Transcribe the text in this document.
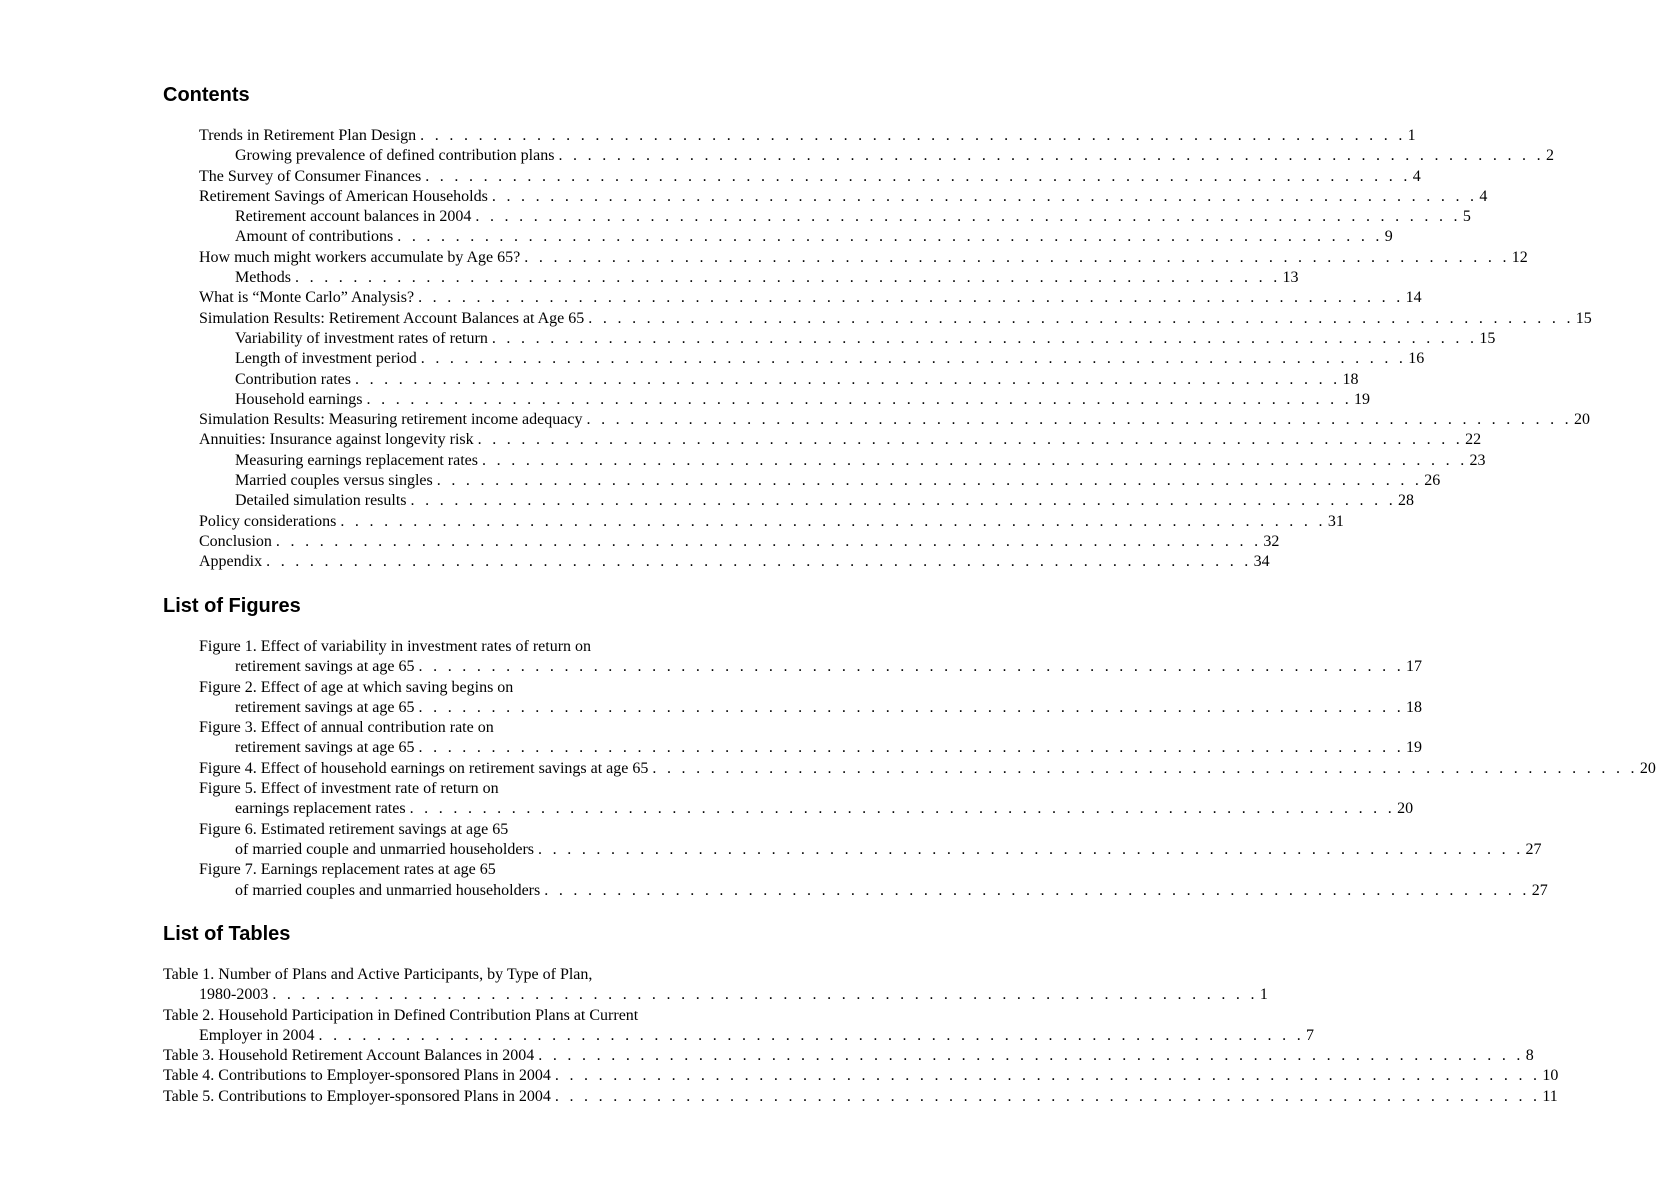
Contents
Trends in Retirement Plan Design . . . . . . . . . . . . . . . . . . . . . . . . . . . . . . . . . . . . . . . . . . . . . . . . . . . . . . . . . . . . . . . . . . . . 1
Growing prevalence of defined contribution plans . . . . . . . . . . . . . . . . . . . . . . . . . . . . . . . . . . . . . . . . . . . . . . . . . . . . . . . . . . . . . . . . . . . . 2
The Survey of Consumer Finances . . . . . . . . . . . . . . . . . . . . . . . . . . . . . . . . . . . . . . . . . . . . . . . . . . . . . . . . . . . . . . . . . . . . 4
Retirement Savings of American Households . . . . . . . . . . . . . . . . . . . . . . . . . . . . . . . . . . . . . . . . . . . . . . . . . . . . . . . . . . . . . . . . . . . . 4
Retirement account balances in 2004 . . . . . . . . . . . . . . . . . . . . . . . . . . . . . . . . . . . . . . . . . . . . . . . . . . . . . . . . . . . . . . . . . . . . 5
Amount of contributions . . . . . . . . . . . . . . . . . . . . . . . . . . . . . . . . . . . . . . . . . . . . . . . . . . . . . . . . . . . . . . . . . . . . 9
How much might workers accumulate by Age 65? . . . . . . . . . . . . . . . . . . . . . . . . . . . . . . . . . . . . . . . . . . . . . . . . . . . . . . . . . . . . . . . . . . . . 12
Methods . . . . . . . . . . . . . . . . . . . . . . . . . . . . . . . . . . . . . . . . . . . . . . . . . . . . . . . . . . . . . . . . . . . . 13
What is “Monte Carlo” Analysis? . . . . . . . . . . . . . . . . . . . . . . . . . . . . . . . . . . . . . . . . . . . . . . . . . . . . . . . . . . . . . . . . . . . . 14
Simulation Results: Retirement Account Balances at Age 65 . . . . . . . . . . . . . . . . . . . . . . . . . . . . . . . . . . . . . . . . . . . . . . . . . . . . . . . . . . . . . . . . . . . . 15
Variability of investment rates of return . . . . . . . . . . . . . . . . . . . . . . . . . . . . . . . . . . . . . . . . . . . . . . . . . . . . . . . . . . . . . . . . . . . . 15
Length of investment period . . . . . . . . . . . . . . . . . . . . . . . . . . . . . . . . . . . . . . . . . . . . . . . . . . . . . . . . . . . . . . . . . . . . 16
Contribution rates . . . . . . . . . . . . . . . . . . . . . . . . . . . . . . . . . . . . . . . . . . . . . . . . . . . . . . . . . . . . . . . . . . . . 18
Household earnings . . . . . . . . . . . . . . . . . . . . . . . . . . . . . . . . . . . . . . . . . . . . . . . . . . . . . . . . . . . . . . . . . . . . 19
Simulation Results: Measuring retirement income adequacy . . . . . . . . . . . . . . . . . . . . . . . . . . . . . . . . . . . . . . . . . . . . . . . . . . . . . . . . . . . . . . . . . . . . 20
Annuities: Insurance against longevity risk . . . . . . . . . . . . . . . . . . . . . . . . . . . . . . . . . . . . . . . . . . . . . . . . . . . . . . . . . . . . . . . . . . . . 22
Measuring earnings replacement rates . . . . . . . . . . . . . . . . . . . . . . . . . . . . . . . . . . . . . . . . . . . . . . . . . . . . . . . . . . . . . . . . . . . . 23
Married couples versus singles . . . . . . . . . . . . . . . . . . . . . . . . . . . . . . . . . . . . . . . . . . . . . . . . . . . . . . . . . . . . . . . . . . . . 26
Detailed simulation results . . . . . . . . . . . . . . . . . . . . . . . . . . . . . . . . . . . . . . . . . . . . . . . . . . . . . . . . . . . . . . . . . . . . 28
Policy considerations . . . . . . . . . . . . . . . . . . . . . . . . . . . . . . . . . . . . . . . . . . . . . . . . . . . . . . . . . . . . . . . . . . . . 31
Conclusion . . . . . . . . . . . . . . . . . . . . . . . . . . . . . . . . . . . . . . . . . . . . . . . . . . . . . . . . . . . . . . . . . . . . 32
Appendix . . . . . . . . . . . . . . . . . . . . . . . . . . . . . . . . . . . . . . . . . . . . . . . . . . . . . . . . . . . . . . . . . . . . 34
List of Figures
Figure 1. Effect of variability in investment rates of return on
retirement savings at age 65 . . . . . . . . . . . . . . . . . . . . . . . . . . . . . . . . . . . . . . . . . . . . . . . . . . . . . . . . . . . . . . . . . . . . 17
Figure 2. Effect of age at which saving begins on
retirement savings at age 65 . . . . . . . . . . . . . . . . . . . . . . . . . . . . . . . . . . . . . . . . . . . . . . . . . . . . . . . . . . . . . . . . . . . . 18
Figure 3. Effect of annual contribution rate on
retirement savings at age 65 . . . . . . . . . . . . . . . . . . . . . . . . . . . . . . . . . . . . . . . . . . . . . . . . . . . . . . . . . . . . . . . . . . . . 19
Figure 4. Effect of household earnings on retirement savings at age 65 . . . . . . . . . . . . . . . . . . . . . . . . . . . . . . . . . . . . . . . . . . . . . . . . . . . . . . . . . . . . . . . . . . . . 20
Figure 5. Effect of investment rate of return on
earnings replacement rates . . . . . . . . . . . . . . . . . . . . . . . . . . . . . . . . . . . . . . . . . . . . . . . . . . . . . . . . . . . . . . . . . . . . 20
Figure 6. Estimated retirement savings at age 65
of married couple and unmarried householders . . . . . . . . . . . . . . . . . . . . . . . . . . . . . . . . . . . . . . . . . . . . . . . . . . . . . . . . . . . . . . . . . . . . 27
Figure 7. Earnings replacement rates at age 65
of married couples and unmarried householders . . . . . . . . . . . . . . . . . . . . . . . . . . . . . . . . . . . . . . . . . . . . . . . . . . . . . . . . . . . . . . . . . . . . 27
List of Tables
Table 1. Number of Plans and Active Participants, by Type of Plan,
1980-2003 . . . . . . . . . . . . . . . . . . . . . . . . . . . . . . . . . . . . . . . . . . . . . . . . . . . . . . . . . . . . . . . . . . . . 1
Table 2. Household Participation in Defined Contribution Plans at Current
Employer in 2004 . . . . . . . . . . . . . . . . . . . . . . . . . . . . . . . . . . . . . . . . . . . . . . . . . . . . . . . . . . . . . . . . . . . . 7
Table 3. Household Retirement Account Balances in 2004 . . . . . . . . . . . . . . . . . . . . . . . . . . . . . . . . . . . . . . . . . . . . . . . . . . . . . . . . . . . . . . . . . . . . 8
Table 4. Contributions to Employer-sponsored Plans in 2004 . . . . . . . . . . . . . . . . . . . . . . . . . . . . . . . . . . . . . . . . . . . . . . . . . . . . . . . . . . . . . . . . . . . . 10
Table 5. Contributions to Employer-sponsored Plans in 2004 . . . . . . . . . . . . . . . . . . . . . . . . . . . . . . . . . . . . . . . . . . . . . . . . . . . . . . . . . . . . . . . . . . . . 11
